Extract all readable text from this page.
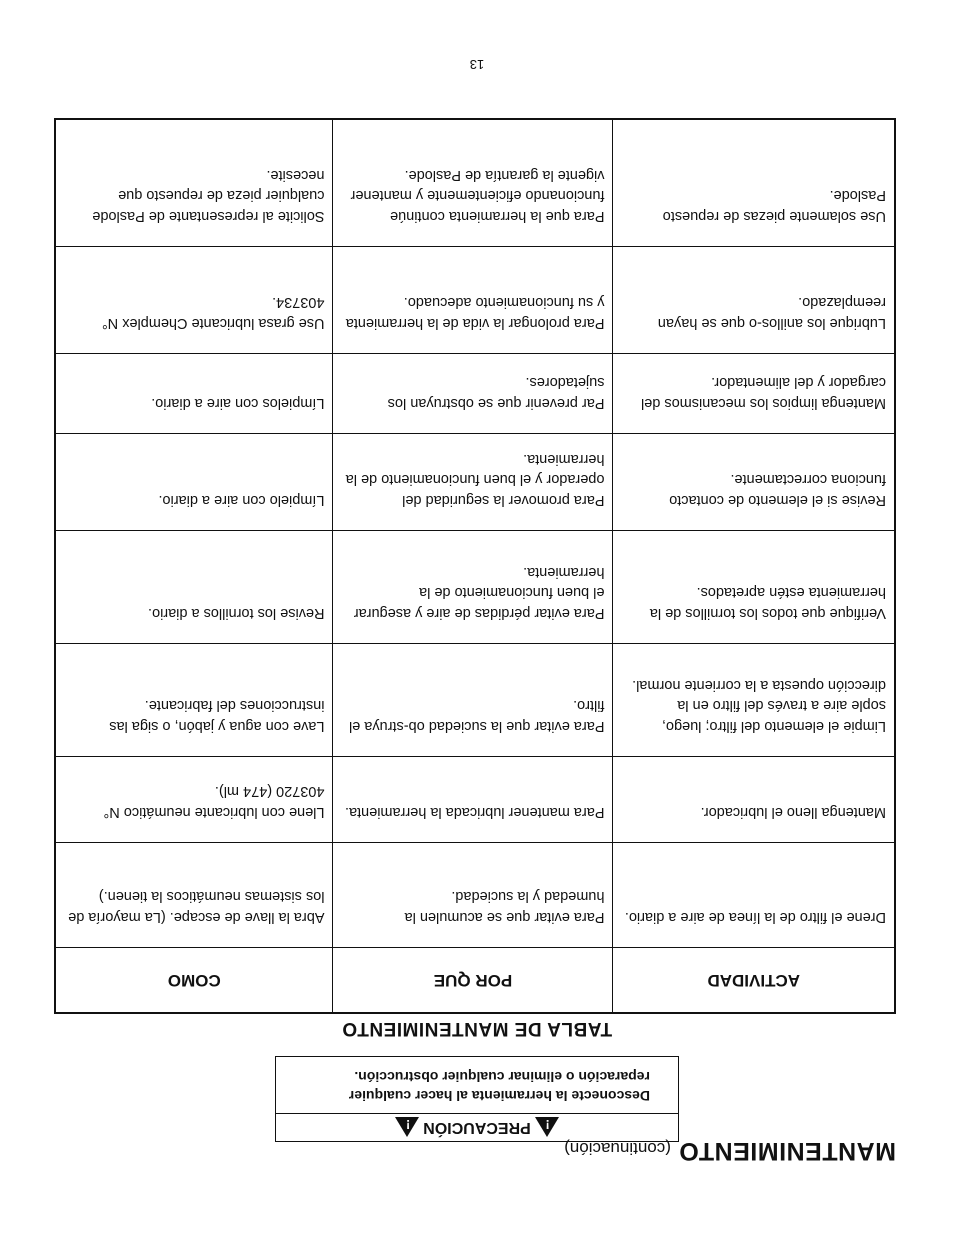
MANTENIMIENTO (continuación)
!
PRECAUCIÓN
!
Desconecte la herramienta al hacer cualquier
reparación o eliminar cualquier obstrucción.
TABLA DE MANTENIMIENTO
ACTIVIDAD	POR QUE	COMO
Drene el filtro de la línea de aire a diario.	Para evitar que se acumulen la humedad y la suciedad.	Abra la llave de escape. (La mayoría de los sistemas neumáticos la tienen.)
Mantenga lleno el lubricador.	Para mantener lubricada la herramienta.	Llene con lubricante neumático N° 403720 (474 ml).
Limpie el elemento del filtro; luego, sople aire a través del filtro en la dirección opuesta a la corriente normal.	Para evitar que la suciedad ob-struya el filtro.	Lave con agua y jabón, o siga las instrucciones del fabricante.
Verifique que todos los tornillos de la herramienta estén apretados.	Para evitar pérdidas de aire y asegurar el buen funcionamiento de la herramienta.	Revise los tornillos a diario.
Revise si el elemento de contacto funciona correctamente.	Para promover la seguridad del operador y el buen funcionamiento de la herramienta.	Límpielo con aire a diario.
Mantenga limpios los mecanismos del cargador y del alimentador.	Par prevenir que se obstruyan los sujetadores.	Límpielos con aire a diario.
Lubrique los anillos-o que se hayan reemplazado.	Para prolongar la vida de la herramienta y su funcionamiento adecuado.	Use grasa lubricante Chemplex N° 403734.
Use solamente piezas de repuesto Paslode.	Para que la herramienta continúe funcionando eficientemente y mantener vigente la garantía de Paslode.	Solicite al representante de Paslode cualquier pieza de repuesto que necesite.
13
